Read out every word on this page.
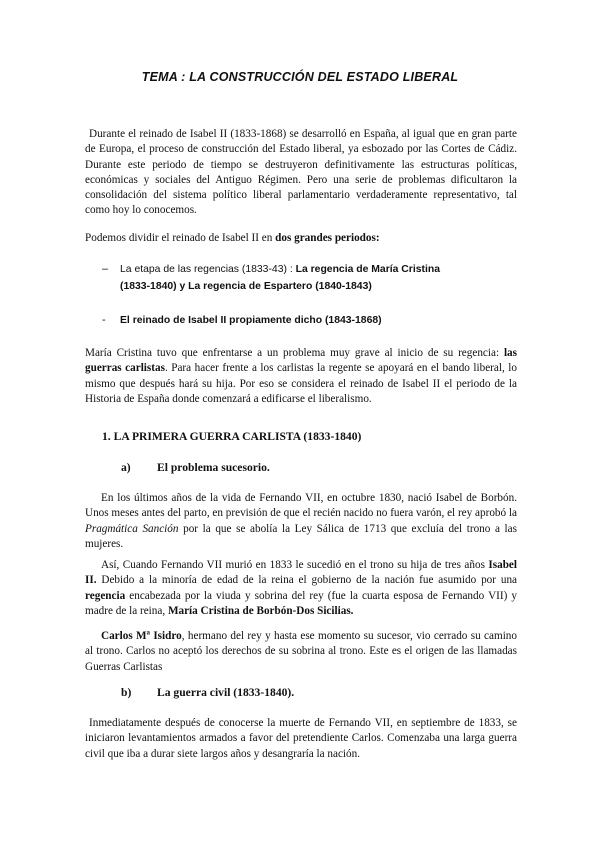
TEMA : LA CONSTRUCCIÓN DEL ESTADO LIBERAL

Durante el reinado de Isabel II (1833-1868) se desarrolló en España, al igual que en gran parte de Europa, el proceso de construcción del Estado liberal, ya esbozado por las Cortes de Cádiz. Durante este periodo de tiempo se destruyeron definitivamente las estructuras políticas, económicas y sociales del Antiguo Régimen. Pero una serie de problemas dificultaron la consolidación del sistema político liberal parlamentario verdaderamente representativo, tal como hoy lo conocemos.

Podemos dividir el reinado de Isabel II en dos grandes periodos:

– La etapa de las regencias (1833-43) : La regencia de María Cristina
(1833-1840) y La regencia de Espartero (1840-1843)
- El reinado de Isabel II propiamente dicho (1843-1868)

María Cristina tuvo que enfrentarse a un problema muy grave al inicio de su regencia: las guerras carlistas. Para hacer frente a los carlistas la regente se apoyará en el bando liberal, lo mismo que después hará su hija. Por eso se considera el reinado de Isabel II el periodo de la Historia de España donde comenzará a edificarse el liberalismo.

1. LA PRIMERA GUERRA CARLISTA (1833-1840)
a) El problema sucesorio.

En los últimos años de la vida de Fernando VII, en octubre 1830, nació Isabel de Borbón. Unos meses antes del parto, en previsión de que el recién nacido no fuera varón, el rey aprobó la Pragmática Sanción por la que se abolía la Ley Sálica de 1713 que excluía del trono a las mujeres.

Así, Cuando Fernando VII murió en 1833 le sucedió en el trono su hija de tres años Isabel II. Debido a la minoría de edad de la reina el gobierno de la nación fue asumido por una regencia encabezada por la viuda y sobrina del rey (fue la cuarta esposa de Fernando VII) y madre de la reina, María Cristina de Borbón-Dos Sicilias.

Carlos Mª Isidro, hermano del rey y hasta ese momento su sucesor, vio cerrado su camino al trono. Carlos no aceptó los derechos de su sobrina al trono. Este es el origen de las llamadas Guerras Carlistas

b) La guerra civil (1833-1840).

Inmediatamente después de conocerse la muerte de Fernando VII, en septiembre de 1833, se iniciaron levantamientos armados a favor del pretendiente Carlos. Comenzaba una larga guerra civil que iba a durar siete largos años y desangraría la nación.
